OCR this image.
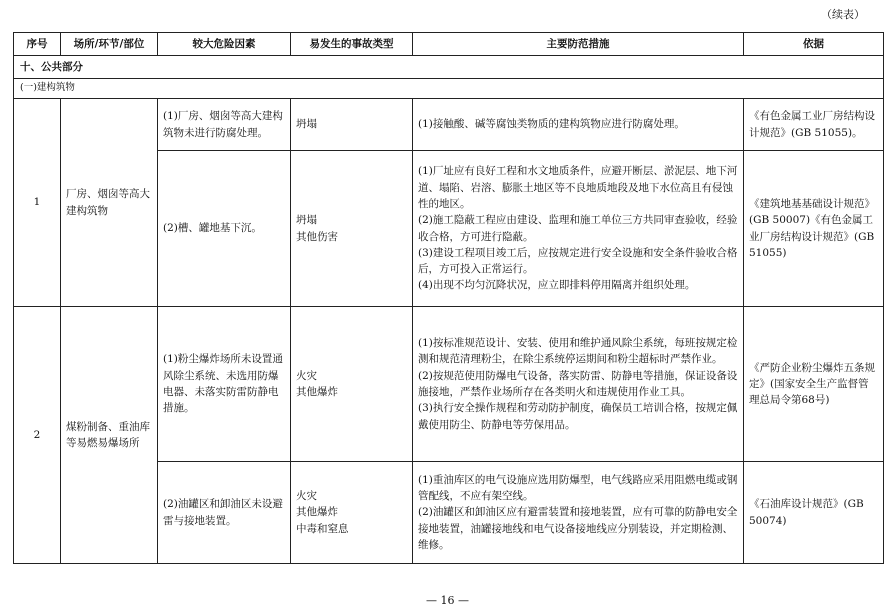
（续表）
序号	场所/环节/部位	较大危险因素	易发生的事故类型	主要防范措施	依据
十、公共部分					
(一)建构筑物					
1	厂房、烟囱等高大建构筑物	(1)厂房、烟囱等高大建构筑物未进行防腐处理。	坍塌	(1)接触酸、碱等腐蚀类物质的建构筑物应进行防腐处理。	《有色金属工业厂房结构设计规范》(GB 51055)。
		(2)槽、罐地基下沉。	坍塌
其他伤害	(1)厂址应有良好工程和水文地质条件，应避开断层、淤泥层、地下河道、塌陷、岩溶、膨胀土地区等不良地质地段及地下水位高且有侵蚀性的地区。
(2)施工隐蔽工程应由建设、监理和施工单位三方共同审查验收，经验收合格，方可进行隐蔽。
(3)建设工程项目竣工后，应按规定进行安全设施和安全条件验收合格后，方可投入正常运行。
(4)出现不均匀沉降状况，应立即排料停用隔离并组织处理。	《建筑地基基础设计规范》(GB 50007)《有色金属工业厂房结构设计规范》(GB 51055)
2	煤粉制备、重油库等易燃易爆场所	(1)粉尘爆炸场所未设置通风除尘系统、未选用防爆电器、未落实防雷防静电措施。	火灾
其他爆炸	(1)按标准规范设计、安装、使用和维护通风除尘系统，每班按规定检测和规范清理粉尘，在除尘系统停运期间和粉尘超标时严禁作业。
(2)按规范使用防爆电气设备，落实防雷、防静电等措施，保证设备设施接地，严禁作业场所存在各类明火和违规使用作业工具。
(3)执行安全操作规程和劳动防护制度，确保员工培训合格，按规定佩戴使用防尘、防静电等劳保用品。	《严防企业粉尘爆炸五条规定》(国家安全生产监督管理总局令第68号)
		(2)油罐区和卸油区未设避雷与接地装置。	火灾
其他爆炸
中毒和窒息	(1)重油库区的电气设施应选用防爆型，电气线路应采用阻燃电缆或钢管配线，不应有架空线。
(2)油罐区和卸油区应有避雷装置和接地装置，应有可靠的防静电安全接地装置，油罐接地线和电气设备接地线应分别装设，并定期检测、维修。	《石油库设计规范》(GB 50074)
— 16 —
